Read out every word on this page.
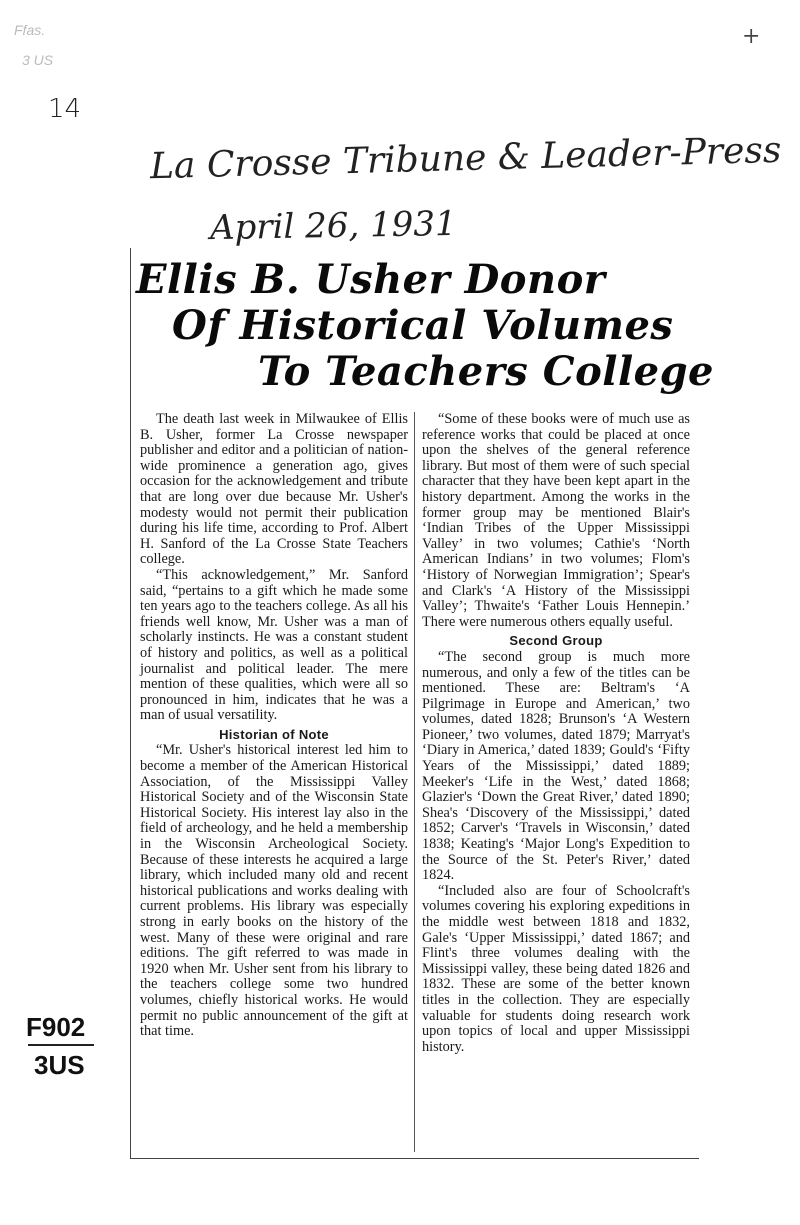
Ffas.
3 US
14
+
La Crosse Tribune & Leader-Press
April 26, 1931
Ellis B. Usher Donor
Of Historical Volumes
To Teachers College

The death last week in Milwaukee of Ellis B. Usher, former La Crosse newspaper publisher and editor and a politician of nation-wide prominence a generation ago, gives occasion for the acknowledgement and tribute that are long over due because Mr. Usher's modesty would not permit their publication during his life time, according to Prof. Albert H. Sanford of the La Crosse State Teachers college.

“This acknowledgement,” Mr. Sanford said, “pertains to a gift which he made some ten years ago to the teachers college. As all his friends well know, Mr. Usher was a man of scholarly instincts. He was a constant student of history and politics, as well as a political journalist and political leader. The mere mention of these qualities, which were all so pronounced in him, indicates that he was a man of usual versatility.

Historian of Note

“Mr. Usher's historical interest led him to become a member of the American Historical Association, of the Mississippi Valley Historical Society and of the Wisconsin State Historical Society. His interest lay also in the field of archeology, and he held a membership in the Wisconsin Archeological Society. Because of these interests he acquired a large library, which included many old and recent historical publications and works dealing with current problems. His library was especially strong in early books on the history of the west. Many of these were original and rare editions. The gift referred to was made in 1920 when Mr. Usher sent from his library to the teachers college some two hundred volumes, chiefly historical works. He would permit no public announcement of the gift at that time.

“Some of these books were of much use as reference works that could be placed at once upon the shelves of the general reference library. But most of them were of such special character that they have been kept apart in the history department. Among the works in the former group may be mentioned Blair's ‘Indian Tribes of the Upper Mississippi Valley’ in two volumes; Cathie's ‘North American Indians’ in two volumes; Flom's ‘History of Norwegian Immigration’; Spear's and Clark's ‘A History of the Mississippi Valley’; Thwaite's ‘Father Louis Hennepin.’ There were numerous others equally useful.

Second Group

“The second group is much more numerous, and only a few of the titles can be mentioned. These are: Beltram's ‘A Pilgrimage in Europe and American,’ two volumes, dated 1828; Brunson's ‘A Western Pioneer,’ two volumes, dated 1879; Marryat's ‘Diary in America,’ dated 1839; Gould's ‘Fifty Years of the Mississippi,’ dated 1889; Meeker's ‘Life in the West,’ dated 1868; Glazier's ‘Down the Great River,’ dated 1890; Shea's ‘Discovery of the Mississippi,’ dated 1852; Carver's ‘Travels in Wisconsin,’ dated 1838; Keating's ‘Major Long's Expedition to the Source of the St. Peter's River,’ dated 1824.

“Included also are four of Schoolcraft's volumes covering his exploring expeditions in the middle west between 1818 and 1832, Gale's ‘Upper Mississippi,’ dated 1867; and Flint's three volumes dealing with the Mississippi valley, these being dated 1826 and 1832. These are some of the better known titles in the collection. They are especially valuable for students doing research work upon topics of local and upper Mississippi history.

F902
3US
